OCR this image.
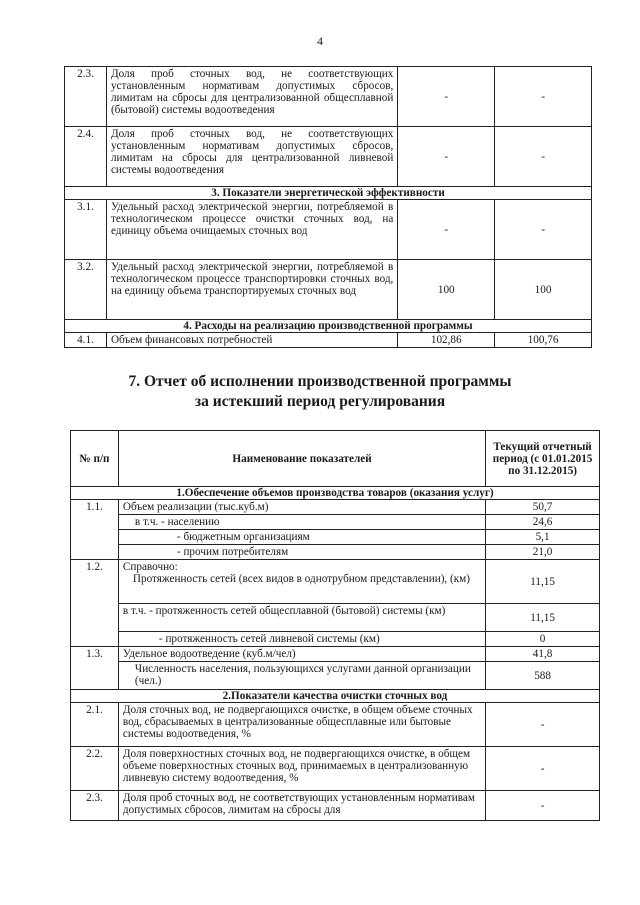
4
2.3.	Доля проб сточных вод, не соответствующих установленным нормативам допустимых сбросов, лимитам на сбросы для централизованной общесплавной (бытовой) системы водоотведения	-	-
2.4.	Доля проб сточных вод, не соответствующих установленным нормативам допустимых сбросов, лимитам на сбросы для централизованной ливневой системы водоотведения	-	-
3. Показатели энергетической эффективности			
3.1.	Удельный расход электрической энергии, потребляемой в технологическом процессе очистки сточных вод, на единицу объема очищаемых сточных вод	-	-
3.2.	Удельный расход электрической энергии, потребляемой в технологическом процессе транспортировки сточных вод, на единицу объема транспортируемых сточных вод	100	100
4. Расходы на реализацию производственной программы			
4.1.	Объем финансовых потребностей	102,86	100,76
7. Отчет об исполнении производственной программы
за истекший период регулирования
№ п/п	Наименование показателей	Текущий отчетный период (с 01.01.2015 по 31.12.2015)
1.Обеспечение объемов производства товаров (оказания услуг)		
1.1.	Объем реализации (тыс.куб.м)	50,7
	в т.ч. - населению	24,6
	- бюджетным организациям	5,1
	- прочим потребителям	21,0
1.2.	Справочно:
Протяженность сетей (всех видов в однотрубном представлении), (км)	11,15
	в т.ч. - протяженность сетей общесплавной (бытовой) системы (км)	11,15
	- протяженность сетей ливневой системы (км)	0
1.3.	Удельное водоотведение (куб.м/чел)	41,8
	Численность населения, пользующихся услугами данной организации (чел.)	588
2.Показатели качества очистки сточных вод		
2.1.	Доля сточных вод, не подвергающихся очистке, в общем объеме сточных вод, сбрасываемых в централизованные общесплавные или бытовые системы водоотведения, %	-
2.2.	Доля поверхностных сточных вод, не подвергающихся очистке, в общем объеме поверхностных сточных вод, принимаемых в централизованную ливневую систему водоотведения, %	-
2.3.	Доля проб сточных вод, не соответствующих установленным нормативам допустимых сбросов, лимитам на сбросы для	-
